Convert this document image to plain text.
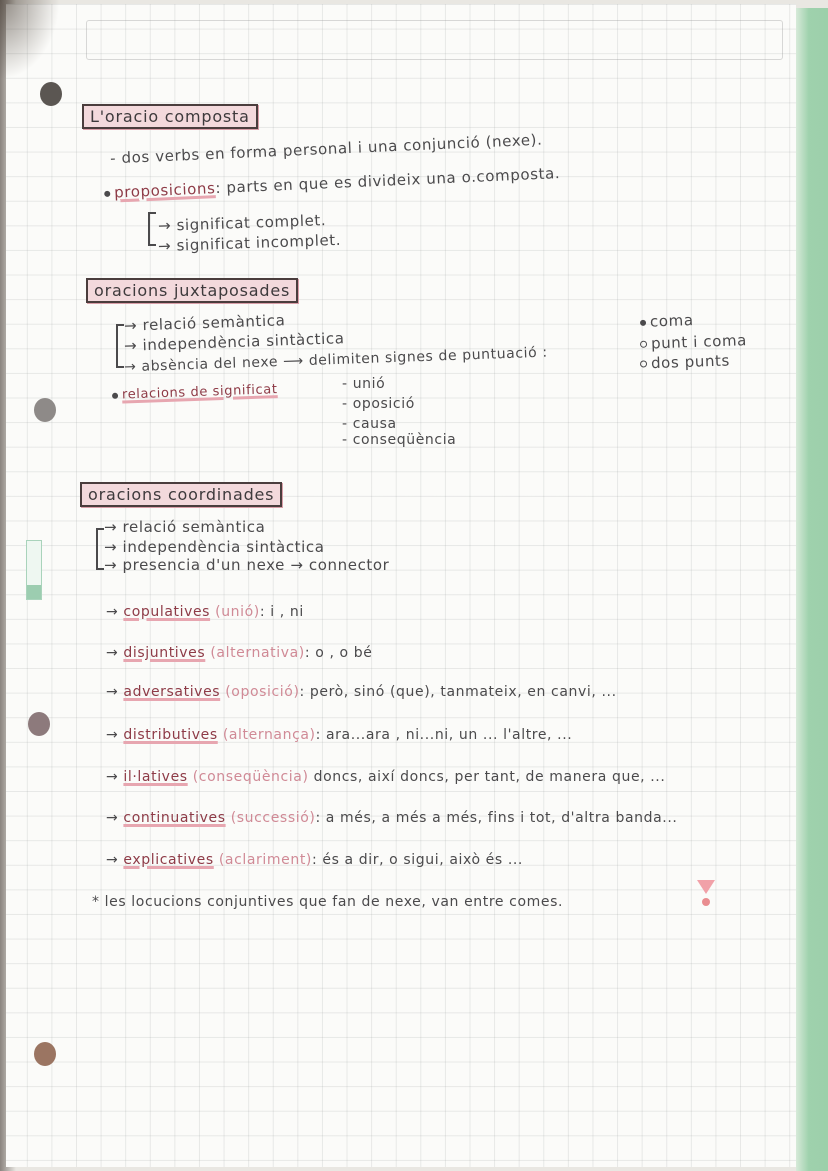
L'oracio composta
- dos verbs en forma personal i una conjunció (nexe).
proposicions: parts en que es divideix una o.composta.
→ significat complet.
→ significat incomplet.
oracions juxtaposades
→ relació semàntica
→ independència sintàctica
→ absència del nexe ⟶ delimiten signes de puntuació :
coma
punt i coma
dos punts
relacions de significat	- unió
- oposició
- causa
- conseqüència
oracions coordinades
→ relació semàntica
→ independència sintàctica
→ presencia d'un nexe → connector
→ copulatives (unió): i , ni
→ disjuntives (alternativa): o , o bé
→ adversatives (oposició): però, sinó (que), tanmateix, en canvi, ...
→ distributives (alternança): ara...ara , ni...ni, un ... l'altre, ...
→ il·latives (conseqüència) doncs, així doncs, per tant, de manera que, ...
→ continuatives (successió): a més, a més a més, fins i tot, d'altra banda...
→ explicatives (aclariment): és a dir, o sigui, això és ...
* les locucions conjuntives que fan de nexe, van entre comes.
